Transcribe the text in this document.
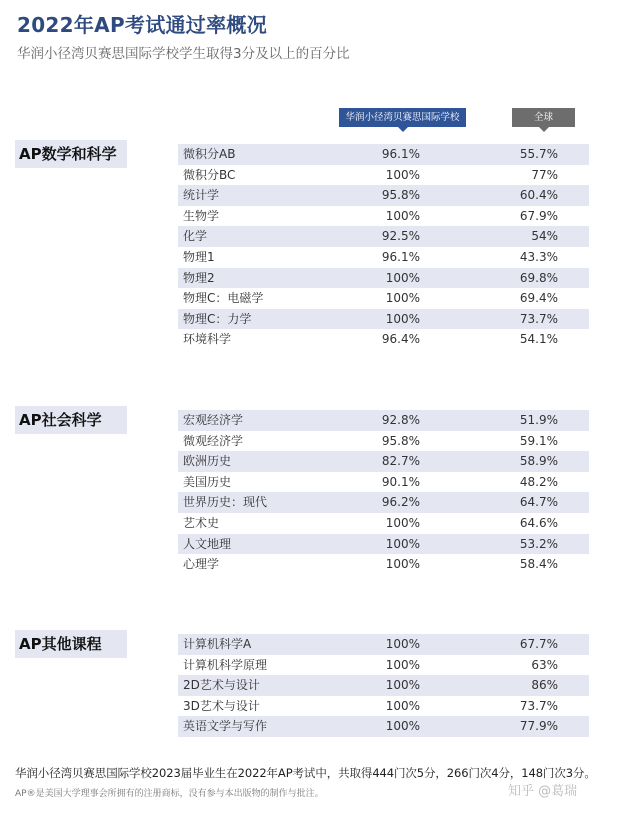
2022年AP考试通过率概况
华润小径湾贝赛思国际学校学生取得3分及以上的百分比
华润小径湾贝赛思国际学校	全球
AP数学和科学	微积分AB	96.1%	55.7%
微积分BC	100%	77%
统计学	95.8%	60.4%
生物学	100%	67.9%
化学	92.5%	54%
物理1	96.1%	43.3%
物理2	100%	69.8%
物理C：电磁学	100%	69.4%
物理C：力学	100%	73.7%
环境科学	96.4%	54.1%
AP社会科学	宏观经济学	92.8%	51.9%
微观经济学	95.8%	59.1%
欧洲历史	82.7%	58.9%
美国历史	90.1%	48.2%
世界历史：现代	96.2%	64.7%
艺术史	100%	64.6%
人文地理	100%	53.2%
心理学	100%	58.4%
AP其他课程	计算机科学A	100%	67.7%
计算机科学原理	100%	63%
2D艺术与设计	100%	86%
3D艺术与设计	100%	73.7%
英语文学与写作	100%	77.9%
华润小径湾贝赛思国际学校2023届毕业生在2022年AP考试中，共取得444门次5分，266门次4分，148门次3分。
AP®是美国大学理事会所拥有的注册商标，没有参与本出版物的制作与批注。	知乎 @葛瑞
